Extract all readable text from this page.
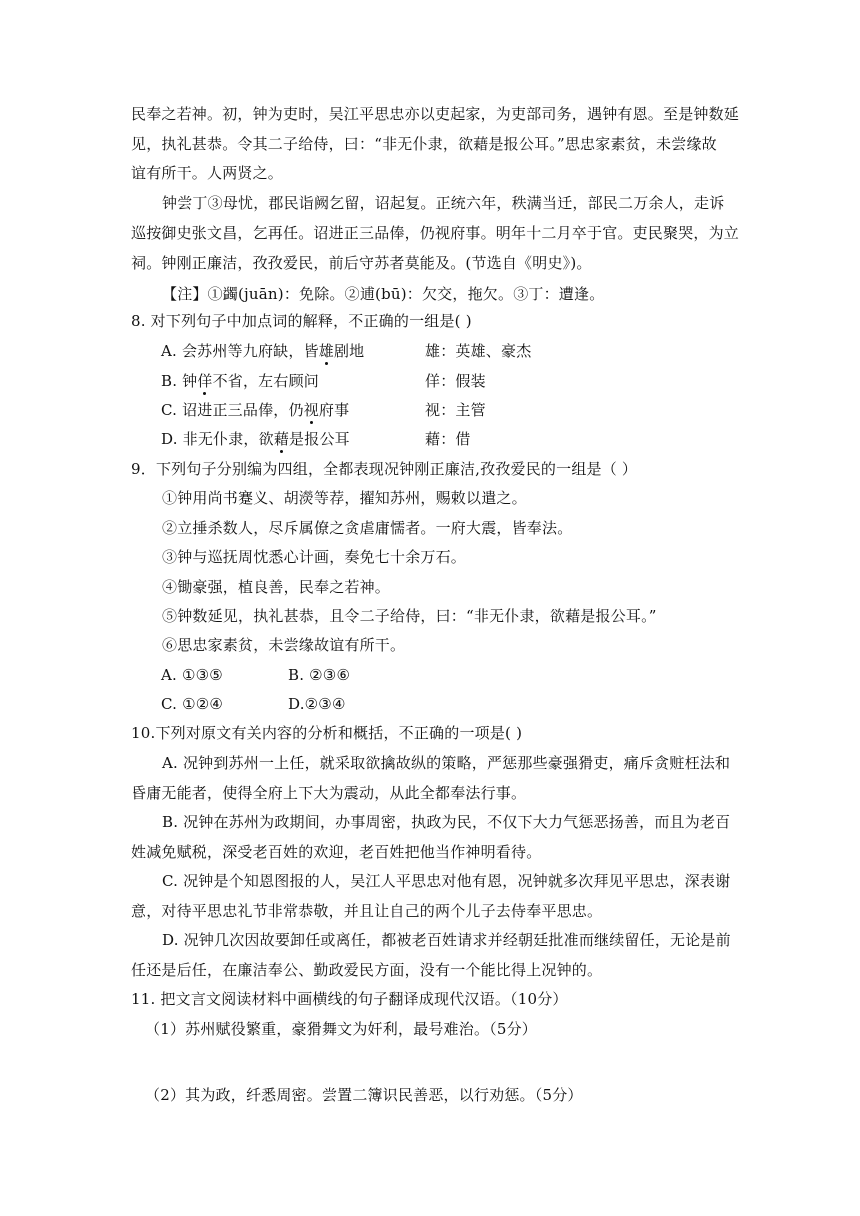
民奉之若神。初，钟为吏时，吴江平思忠亦以吏起家，为吏部司务，遇钟有恩。至是钟数延
见，执礼甚恭。令其二子给侍，曰：“非无仆隶，欲藉是报公耳。”思忠家素贫，未尝缘故
谊有所干。人两贤之。
钟尝丁③母忧，郡民诣阙乞留，诏起复。正统六年，秩满当迁，部民二万余人，走诉
巡按御史张文昌，乞再任。诏进正三品俸，仍视府事。明年十二月卒于官。吏民聚哭，为立
祠。钟刚正廉洁，孜孜爱民，前后守苏者莫能及。(节选自《明史》)。
【注】①蠲(juān)：免除。②逋(bū)：欠交，拖欠。③丁：遭逢。
8. 对下列句子中加点词的解释，不正确的一组是( )
A. 会苏州等九府缺，皆雄剧地	雄：英雄、豪杰
B. 钟佯不省，左右顾问	佯：假装
C. 诏进正三品俸，仍视府事	视：主管
D. 非无仆隶，欲藉是报公耳	藉：借
9．下列句子分别编为四组，全都表现况钟刚正廉洁,孜孜爱民的一组是（ ）
①钟用尚书蹇义、胡濙等荐，擢知苏州，赐敕以遣之。
②立捶杀数人，尽斥属僚之贪虐庸懦者。一府大震，皆奉法。
③钟与巡抚周忱悉心计画，奏免七十余万石。
④锄豪强，植良善，民奉之若神。
⑤钟数延见，执礼甚恭，且令二子给侍，曰：“非无仆隶，欲藉是报公耳。”
⑥思忠家素贫，未尝缘故谊有所干。
A. ①③⑤	B. ②③⑥
C. ①②④	D.②③④
10.下列对原文有关内容的分析和概括，不正确的一项是( )
A. 况钟到苏州一上任，就采取欲擒故纵的策略，严惩那些豪强猾吏，痛斥贪赃枉法和
昏庸无能者，使得全府上下大为震动，从此全都奉法行事。
B. 况钟在苏州为政期间，办事周密，执政为民，不仅下大力气惩恶扬善，而且为老百
姓减免赋税，深受老百姓的欢迎，老百姓把他当作神明看待。
C. 况钟是个知恩图报的人，吴江人平思忠对他有恩，况钟就多次拜见平思忠，深表谢
意，对待平思忠礼节非常恭敬，并且让自己的两个儿子去侍奉平思忠。
D. 况钟几次因故要卸任或离任，都被老百姓请求并经朝廷批准而继续留任，无论是前
任还是后任，在廉洁奉公、勤政爱民方面，没有一个能比得上况钟的。
11. 把文言文阅读材料中画横线的句子翻译成现代汉语。（10分）
（1）苏州赋役繁重，豪猾舞文为奸利，最号难治。（5分）
（2）其为政，纤悉周密。尝置二簿识民善恶，以行劝惩。（5分）
